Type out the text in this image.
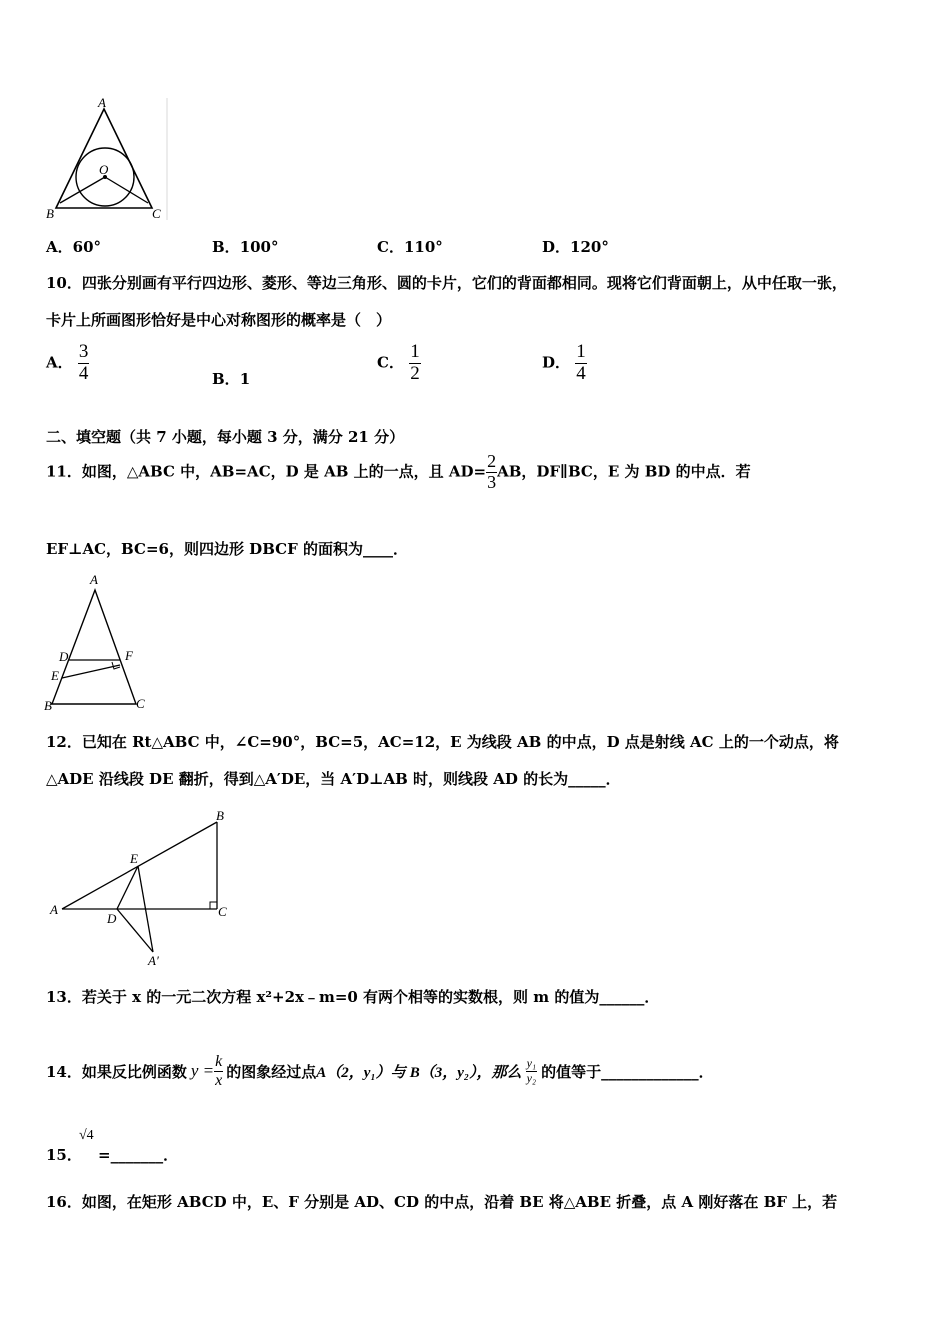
A
O
B	C
A．60°	B．100°	C．110°	D．120°
10．四张分别画有平行四边形、菱形、等边三角形、圆的卡片，它们的背面都相同。现将它们背面朝上，从中任取一张，
卡片上所画图形恰好是中心对称图形的概率是（　）
A． $\frac{3}{4}$	B．1
C． $\frac{1}{2}$	D． $\frac{1}{4}$
二、填空题（共 7 小题，每小题 3 分，满分 21 分）
11．如图，△ABC 中，AB=AC，D 是 AB 上的一点，且 $AD= \frac{2}{3}$ AB，DF∥BC，E 为 BD 的中点．若
EF⊥AC，BC=6，则四边形 DBCF 的面积为____．
A
D	F
E
B	C
12．已知在 Rt△ABC 中，∠C=90°，BC=5，AC=12，E 为线段 AB 的中点，D 点是射线 AC 上的一个动点，将
△ADE 沿线段 DE 翻折，得到△A′DE，当 A′D⊥AB 时，则线段 AD 的长为_____．
B
E
A
D	C
A′
13．若关于 x 的一元二次方程 x²+2x﹣m=0 有两个相等的实数根，则 m 的值为______．
14．如果反比例函数 $y = \frac{k}{x}$ 的图象经过点 A（2，y₁）与 B（3，y₂），那么 $\frac{\text{y₁}}{\text{y₂}}$ 的值等于_____________．
15．
√4
=_______．
16．如图，在矩形 ABCD 中，E、F 分别是 AD、CD 的中点，沿着 BE 将△ABE 折叠，点 A 刚好落在 BF 上，若
